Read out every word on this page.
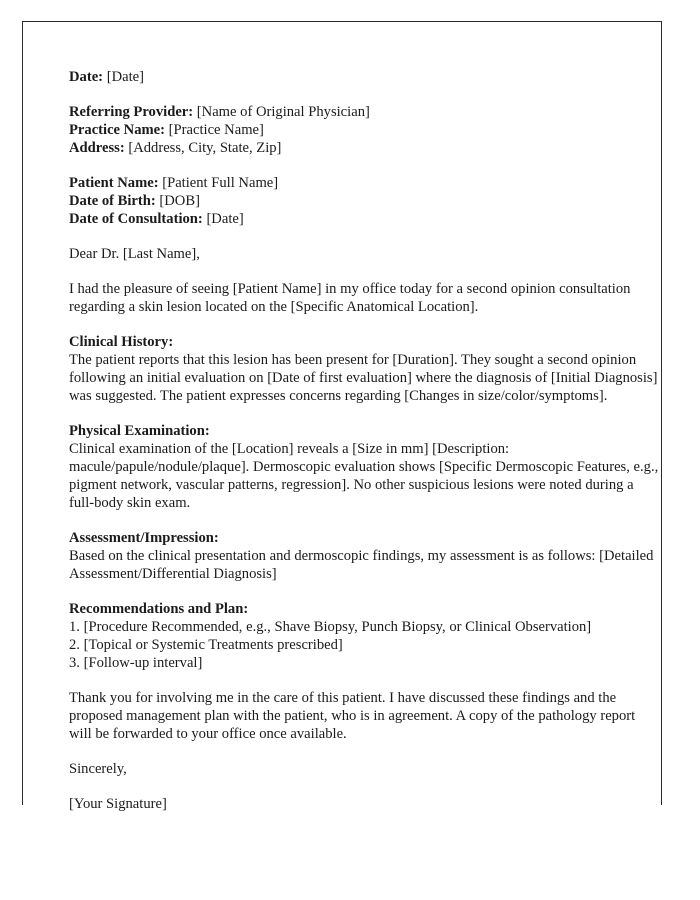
Date: [Date]

Referring Provider: [Name of Original Physician]

Practice Name: [Practice Name]

Address: [Address, City, State, Zip]

Patient Name: [Patient Full Name]

Date of Birth: [DOB]

Date of Consultation: [Date]

Dear Dr. [Last Name],

I had the pleasure of seeing [Patient Name] in my office today for a second opinion consultation regarding a skin lesion located on the [Specific Anatomical Location].

Clinical History:

The patient reports that this lesion has been present for [Duration]. They sought a second opinion following an initial evaluation on [Date of first evaluation] where the diagnosis of [Initial Diagnosis] was suggested. The patient expresses concerns regarding [Changes in size/color/symptoms].

Physical Examination:

Clinical examination of the [Location] reveals a [Size in mm] [Description: macule/papule/nodule/plaque]. Dermoscopic evaluation shows [Specific Dermoscopic Features, e.g., pigment network, vascular patterns, regression]. No other suspicious lesions were noted during a full-body skin exam.

Assessment/Impression:

Based on the clinical presentation and dermoscopic findings, my assessment is as follows: [Detailed Assessment/Differential Diagnosis]

Recommendations and Plan:

1. [Procedure Recommended, e.g., Shave Biopsy, Punch Biopsy, or Clinical Observation]

2. [Topical or Systemic Treatments prescribed]

3. [Follow-up interval]

Thank you for involving me in the care of this patient. I have discussed these findings and the proposed management plan with the patient, who is in agreement. A copy of the pathology report will be forwarded to your office once available.

Sincerely,

[Your Signature]
